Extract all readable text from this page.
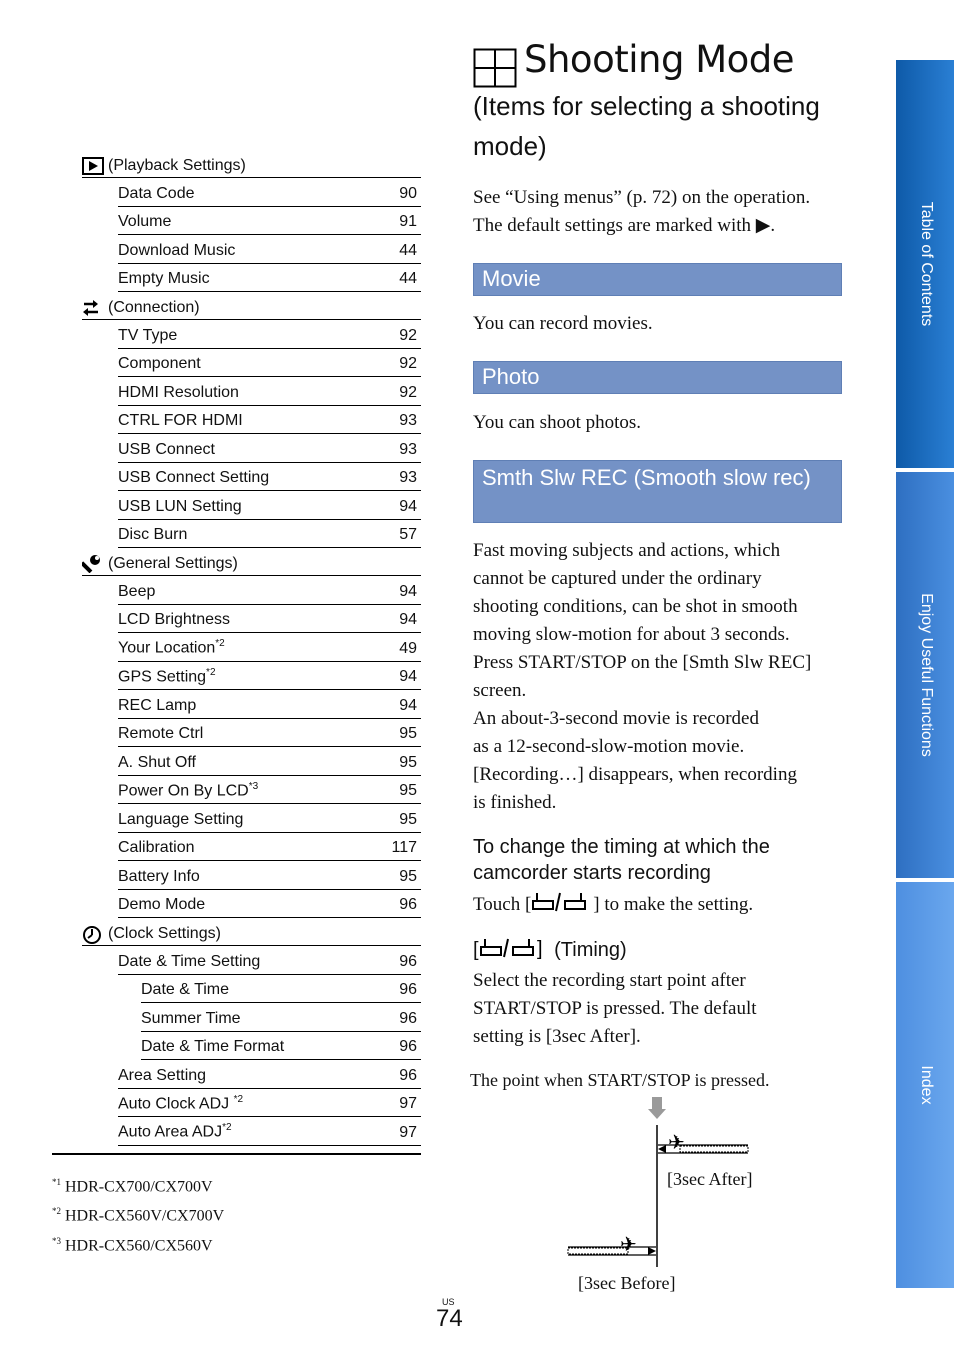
(Playback Settings)
Data Code	90
Volume	91
Download Music	44
Empty Music	44
(Connection)
TV Type	92
Component	92
HDMI Resolution	92
CTRL FOR HDMI	93
USB Connect	93
USB Connect Setting	93
USB LUN Setting	94
Disc Burn	57
(General Settings)
Beep	94
LCD Brightness	94
Your Location$^{*2}$	49
GPS Setting$^{*2}$	94
REC Lamp	94
Remote Ctrl	95
A. Shut Off	95
Power On By LCD$^{*3}$	95
Language Setting	95
Calibration	117
Battery Info	95
Demo Mode	96
(Clock Settings)
Date & Time Setting	96
Date & Time	96
Summer Time	96
Date & Time Format	96
Area Setting	96
Auto Clock ADJ $^{*2}$	97
Auto Area ADJ$^{*2}$	97
$^{*1}$ HDR-CX700/CX700V
$^{*2}$ HDR-CX560V/CX700V
$^{*3}$ HDR-CX560/CX560V
Shooting Mode
(Items for selecting a shooting mode)
See “Using menus” (p. 72) on the operation.
The default settings are marked with ▶.
Movie
You can record movies.
Photo
You can shoot photos.
Smth Slw REC (Smooth slow rec)
Fast moving subjects and actions, which
cannot be captured under the ordinary
shooting conditions, can be shot in smooth
moving slow-motion for about 3 seconds.
Press START/STOP on the [Smth Slw REC]
screen.
An about-3-second movie is recorded
as a 12-second-slow-motion movie.
[Recording…] disappears, when recording
is finished.
To change the timing at which the camcorder starts recording
Touch [	] to make the setting.
[	] (Timing)
Select the recording start point after
START/STOP is pressed. The default
setting is [3sec After].
The point when START/STOP is pressed.
✈
✈
[3sec After]
[3sec Before]
Table of Contents
Enjoy Useful Functions
Index
US
74
